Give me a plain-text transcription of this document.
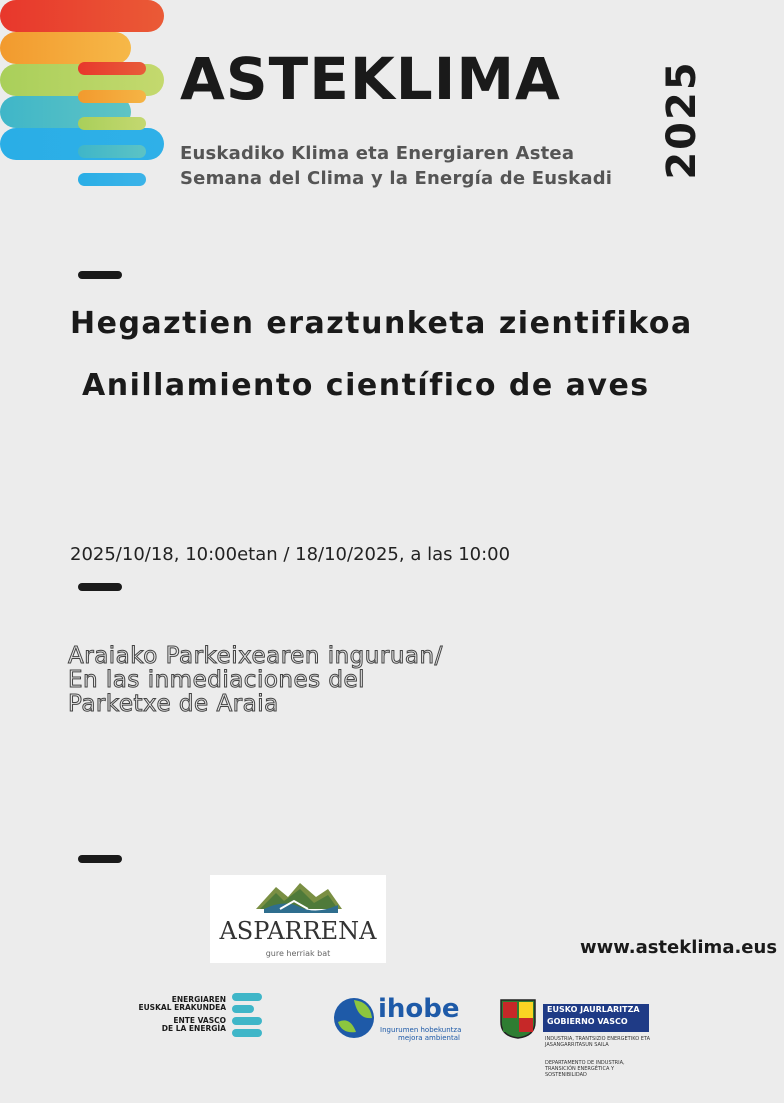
ASTEKLIMA
Euskadiko Klima eta Energiaren Astea
Semana del Clima y la Energía de Euskadi 2025
Hegaztien eraztunketa zientifikoa
Anillamiento científico de aves
2025/10/18, 10:00etan / 18/10/2025, a las 10:00
Araiako Parkeixearen inguruan/
En las inmediaciones del
Parketxe de Araia
www.asteklima.eus
ASPARRENA
gure herriak bat
ENERGIAREN
EUSKAL ERAKUNDEA
ENTE VASCO
DE LA ENERGÍA
ihobe
Ingurumen hobekuntza
mejora ambiental
EUSKO JAURLARITZA
GOBIERNO VASCO
INDUSTRIA, TRANTSIZIO ENERGETIKO ETA JASANGARRITASUN SAILA
DEPARTAMENTO DE INDUSTRIA, TRANSICIÓN ENERGÉTICA Y SOSTENIBILIDAD
